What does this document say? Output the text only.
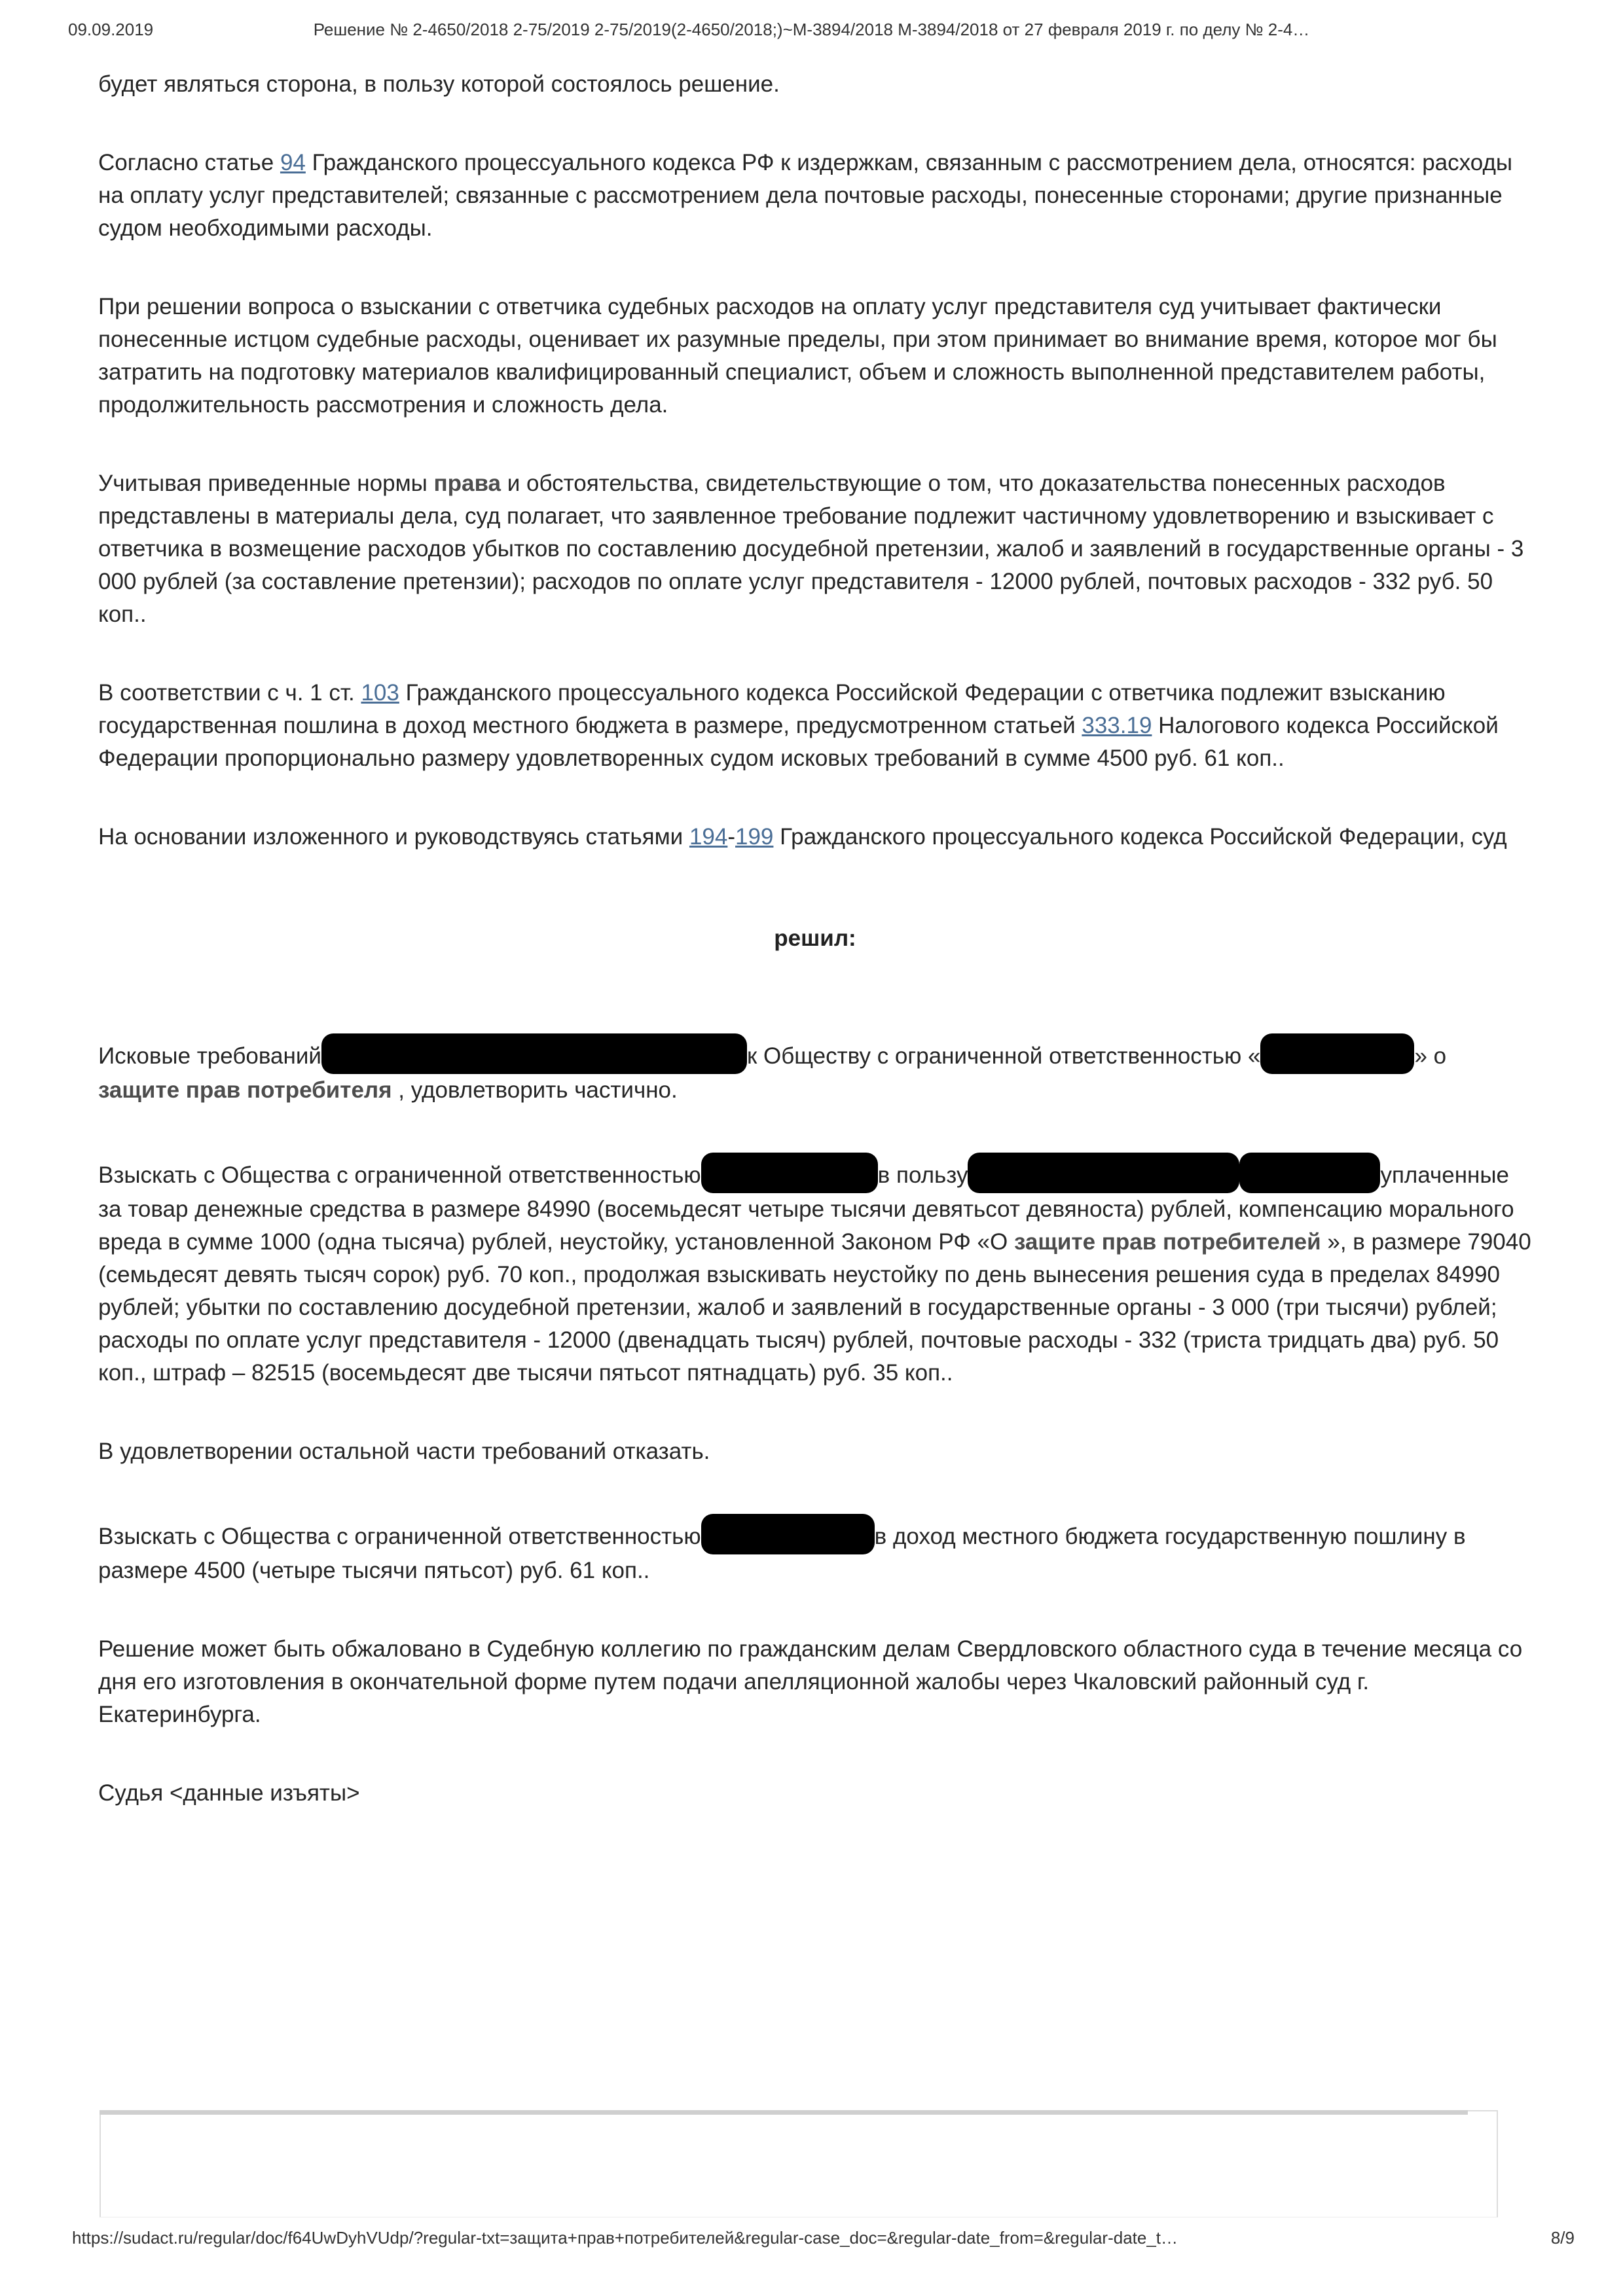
09.09.2019	Решение № 2-4650/2018 2-75/2019 2-75/2019(2-4650/2018;)~М-3894/2018 М-3894/2018 от 27 февраля 2019 г. по делу № 2-4…

будет являться сторона, в пользу которой состоялось решение.

Согласно статье 94 Гражданского процессуального кодекса РФ к издержкам, связанным с рассмотрением дела, относятся: расходы на оплату услуг представителей; связанные с рассмотрением дела почтовые расходы, понесенные сторонами; другие признанные судом необходимыми расходы.

При решении вопроса о взыскании с ответчика судебных расходов на оплату услуг представителя суд учитывает фактически понесенные истцом судебные расходы, оценивает их разумные пределы, при этом принимает во внимание время, которое мог бы затратить на подготовку материалов квалифицированный специалист, объем и сложность выполненной представителем работы, продолжительность рассмотрения и сложность дела.

Учитывая приведенные нормы права и обстоятельства, свидетельствующие о том, что доказательства понесенных расходов представлены в материалы дела, суд полагает, что заявленное требование подлежит частичному удовлетворению и взыскивает с ответчика в возмещение расходов убытков по составлению досудебной претензии, жалоб и заявлений в государственные органы - 3 000 рублей (за составление претензии); расходов по оплате услуг представителя - 12000 рублей, почтовых расходов - 332 руб. 50 коп..

В соответствии с ч. 1 ст. 103 Гражданского процессуального кодекса Российской Федерации с ответчика подлежит взысканию государственная пошлина в доход местного бюджета в размере, предусмотренном статьей 333.19 Налогового кодекса Российской Федерации пропорционально размеру удовлетворенных судом исковых требований в сумме 4500 руб. 61 коп..

На основании изложенного и руководствуясь статьями 194-199 Гражданского процессуального кодекса Российской Федерации, суд

решил:

Исковые требований	к Обществу с ограниченной ответственностью «	» о защите прав потребителя , удовлетворить частично.

Взыскать с Общества с ограниченной ответственностью	в пользу	уплаченные за товар денежные средства в размере 84990 (восемьдесят четыре тысячи девятьсот девяноста) рублей, компенсацию морального вреда в сумме 1000 (одна тысяча) рублей, неустойку, установленной Законом РФ «О защите прав потребителей », в размере 79040 (семьдесят девять тысяч сорок) руб. 70 коп., продолжая взыскивать неустойку по день вынесения решения суда в пределах 84990 рублей; убытки по составлению досудебной претензии, жалоб и заявлений в государственные органы - 3 000 (три тысячи) рублей; расходы по оплате услуг представителя - 12000 (двенадцать тысяч) рублей, почтовые расходы - 332 (триста тридцать два) руб. 50 коп., штраф – 82515 (восемьдесят две тысячи пятьсот пятнадцать) руб. 35 коп..

В удовлетворении остальной части требований отказать.

Взыскать с Общества с ограниченной ответственностью	в доход местного бюджета государственную пошлину в размере 4500 (четыре тысячи пятьсот) руб. 61 коп..

Решение может быть обжаловано в Судебную коллегию по гражданским делам Свердловского областного суда в течение месяца со дня его изготовления в окончательной форме путем подачи апелляционной жалобы через Чкаловский районный суд г. Екатеринбурга.

Судья <данные изъяты>

https://sudact.ru/regular/doc/f64UwDyhVUdp/?regular-txt=защита+прав+потребителей&regular-case_doc=&regular-date_from=&regular-date_t…	8/9
